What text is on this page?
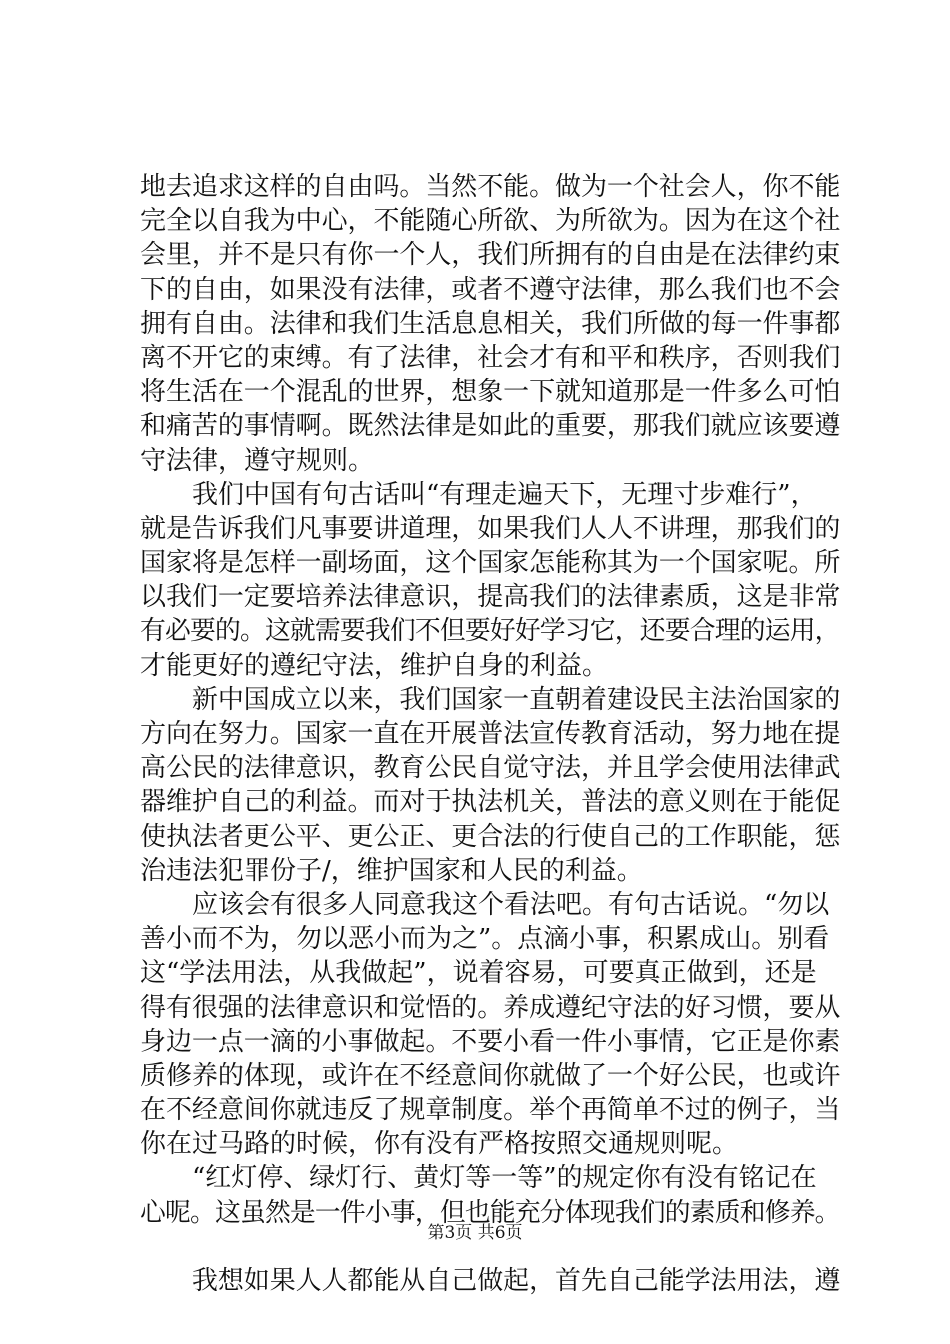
地去追求这样的自由吗。当然不能。做为一个社会人，你不能
完全以自我为中心，不能随心所欲、为所欲为。因为在这个社
会里，并不是只有你一个人，我们所拥有的自由是在法律约束
下的自由，如果没有法律，或者不遵守法律，那么我们也不会
拥有自由。法律和我们生活息息相关，我们所做的每一件事都
离不开它的束缚。有了法律，社会才有和平和秩序，否则我们
将生活在一个混乱的世界，想象一下就知道那是一件多么可怕
和痛苦的事情啊。既然法律是如此的重要，那我们就应该要遵
守法律，遵守规则。
　　我们中国有句古话叫“有理走遍天下，无理寸步难行”，
就是告诉我们凡事要讲道理，如果我们人人不讲理，那我们的
国家将是怎样一副场面，这个国家怎能称其为一个国家呢。所
以我们一定要培养法律意识，提高我们的法律素质，这是非常
有必要的。这就需要我们不但要好好学习它，还要合理的运用，
才能更好的遵纪守法，维护自身的利益。
　　新中国成立以来，我们国家一直朝着建设民主法治国家的
方向在努力。国家一直在开展普法宣传教育活动，努力地在提
高公民的法律意识，教育公民自觉守法，并且学会使用法律武
器维护自己的利益。而对于执法机关，普法的意义则在于能促
使执法者更公平、更公正、更合法的行使自己的工作职能，惩
治违法犯罪份子/，维护国家和人民的利益。
　　应该会有很多人同意我这个看法吧。有句古话说。“勿以
善小而不为，勿以恶小而为之”。点滴小事，积累成山。别看
这“学法用法，从我做起”，说着容易，可要真正做到，还是
得有很强的法律意识和觉悟的。养成遵纪守法的好习惯，要从
身边一点一滴的小事做起。不要小看一件小事情，它正是你素
质修养的体现，或许在不经意间你就做了一个好公民，也或许
在不经意间你就违反了规章制度。举个再简单不过的例子，当
你在过马路的时候，你有没有严格按照交通规则呢。
　　“红灯停、绿灯行、黄灯等一等”的规定你有没有铭记在
心呢。这虽然是一件小事，但也能充分体现我们的素质和修养。
　　我想如果人人都能从自己做起，首先自己能学法用法，遵
第3页 共6页
